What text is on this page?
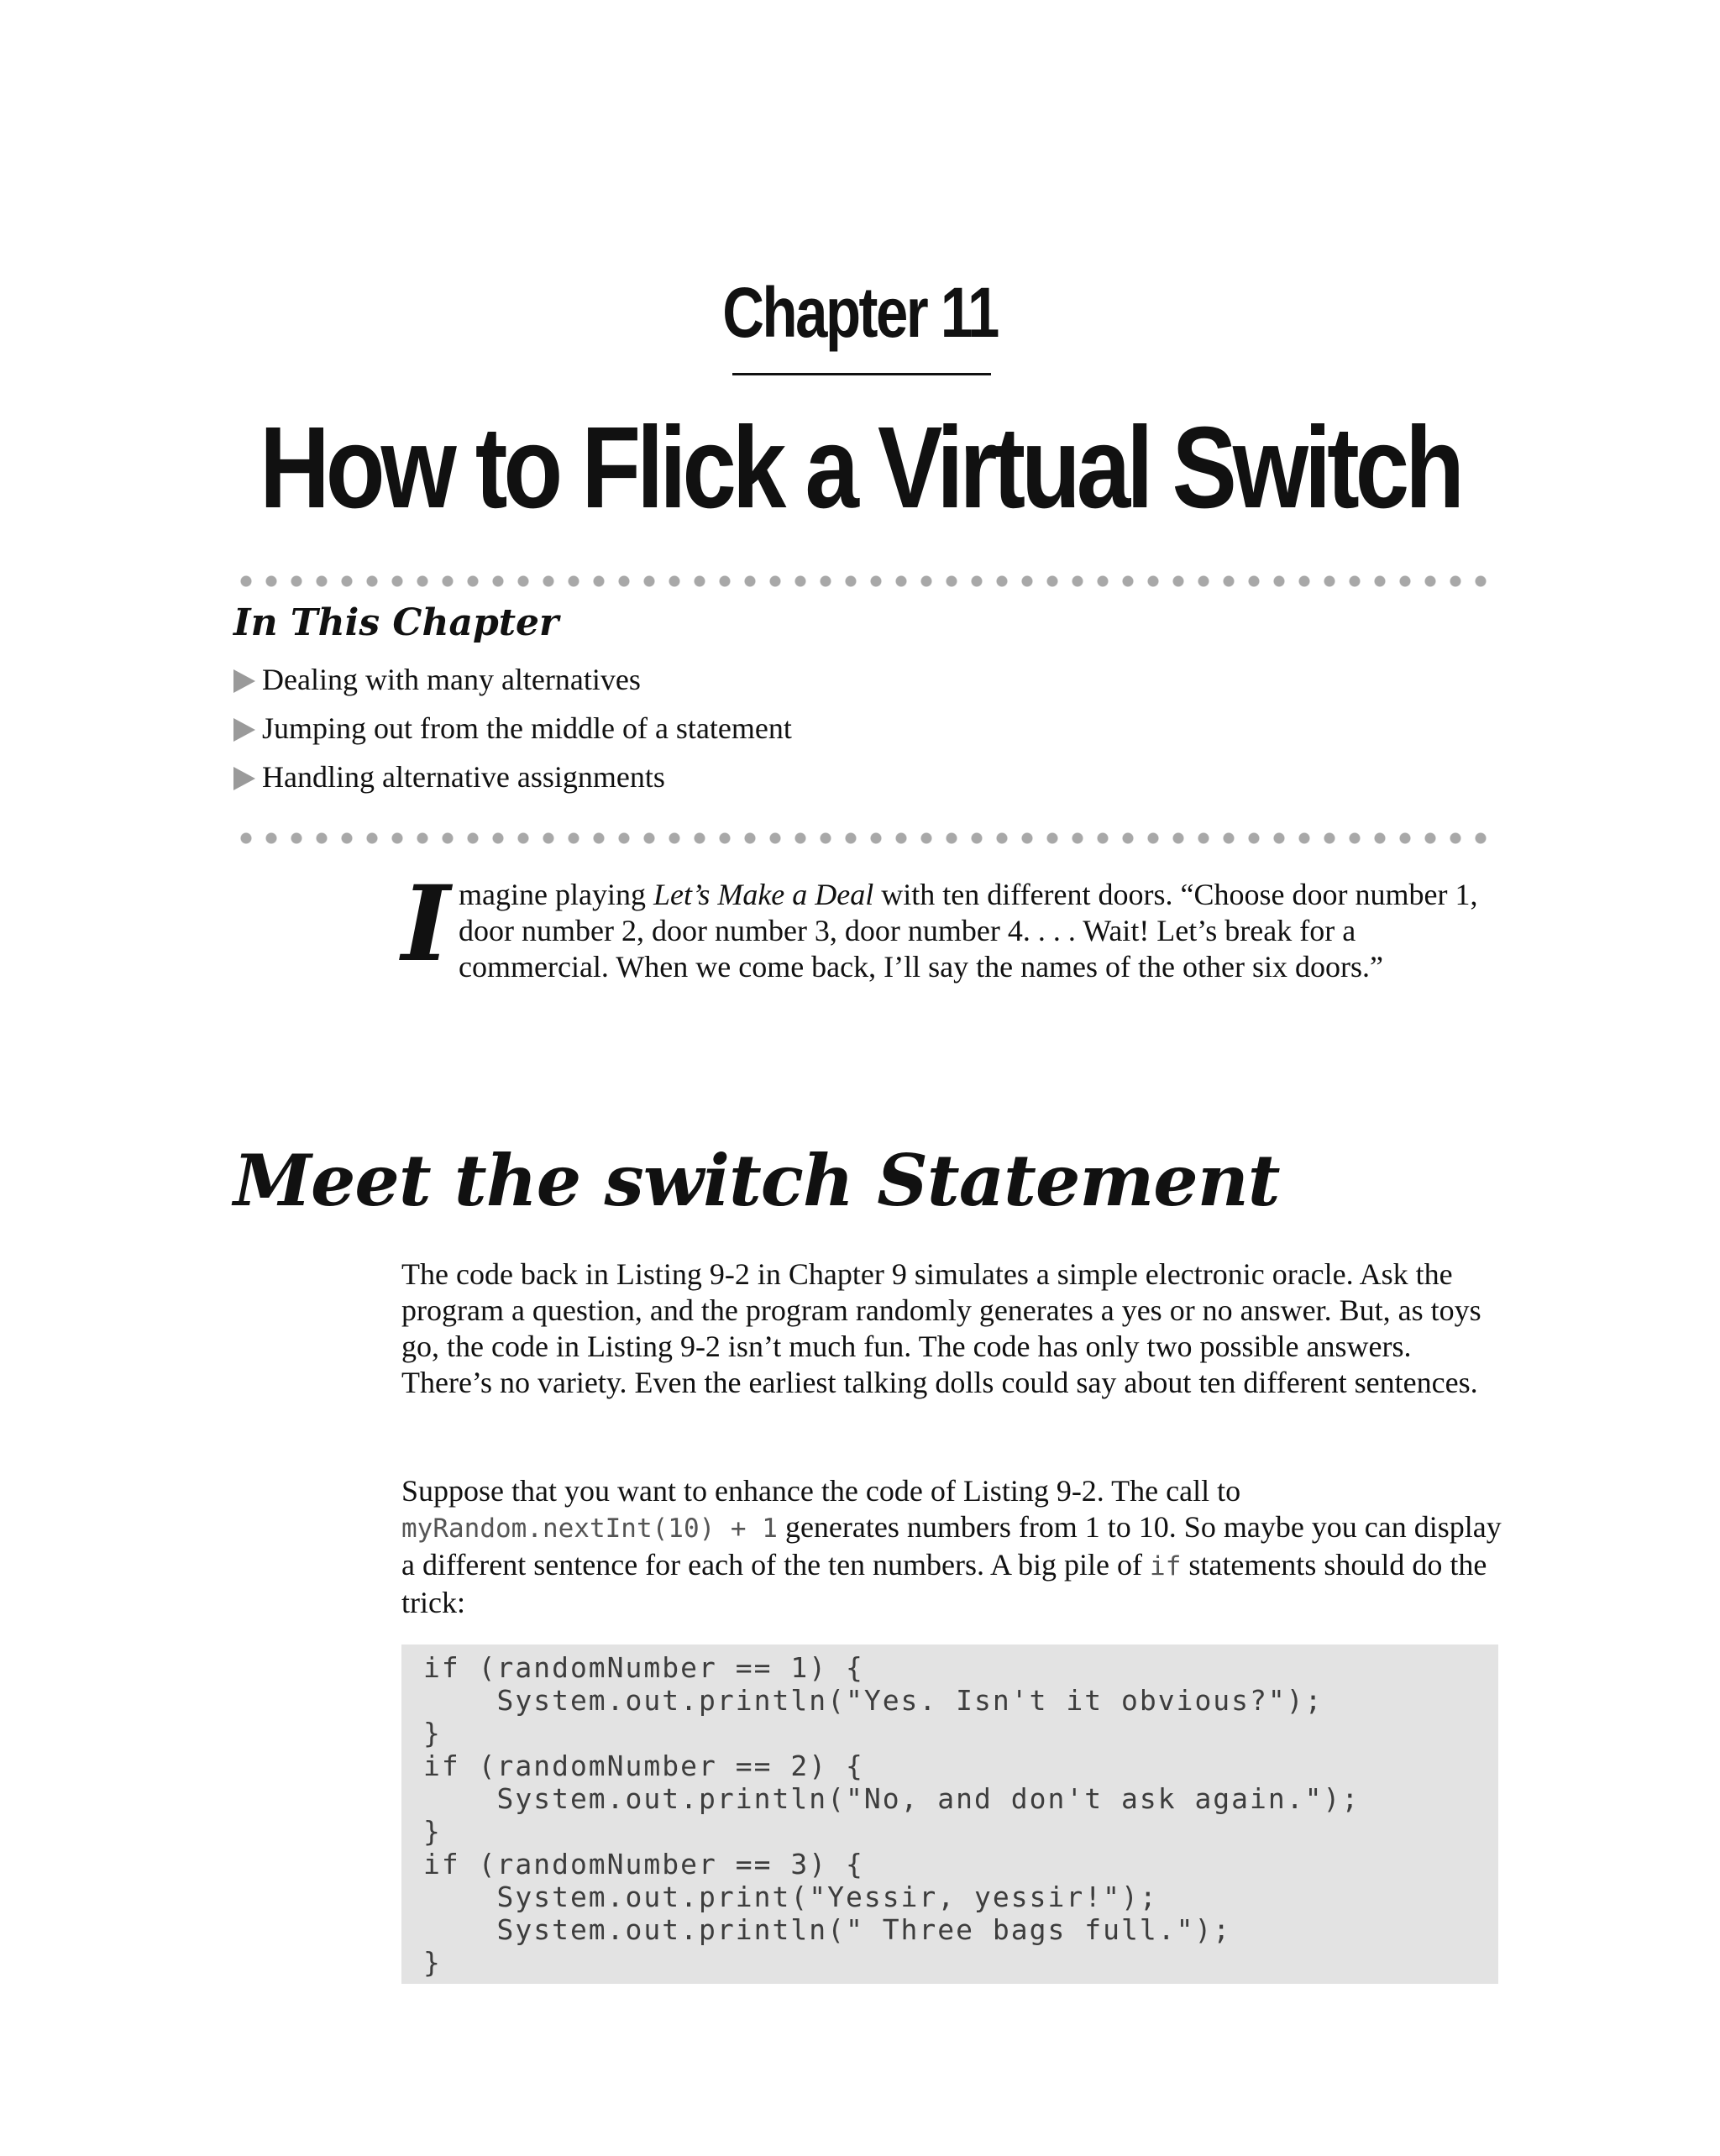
Chapter 11
How to Flick a Virtual Switch
In This Chapter
Dealing with many alternatives
Jumping out from the middle of a statement
Handling alternative assignments

Imagine playing Let’s Make a Deal with ten different doors. “Choose door number 1, door number 2, door number 3, door number 4. . . . Wait! Let’s break for a commercial. When we come back, I’ll say the names of the other six doors.”

Meet the switch Statement

The code back in Listing 9-2 in Chapter 9 simulates a simple electronic oracle. Ask the program a question, and the program randomly generates a yes or no answer. But, as toys go, the code in Listing 9-2 isn’t much fun. The code has only two possible answers. There’s no variety. Even the earliest talking dolls could say about ten different sentences.

Suppose that you want to enhance the code of Listing 9-2. The call to myRandom.nextInt(10) + 1 generates numbers from 1 to 10. So maybe you can display a different sentence for each of the ten numbers. A big pile of if statements should do the trick:

if (randomNumber == 1) {
System.out.println("Yes. Isn't it obvious?");
}
if (randomNumber == 2) {
System.out.println("No, and don't ask again.");
}
if (randomNumber == 3) {
System.out.print("Yessir, yessir!");
System.out.println(" Three bags full.");
}
